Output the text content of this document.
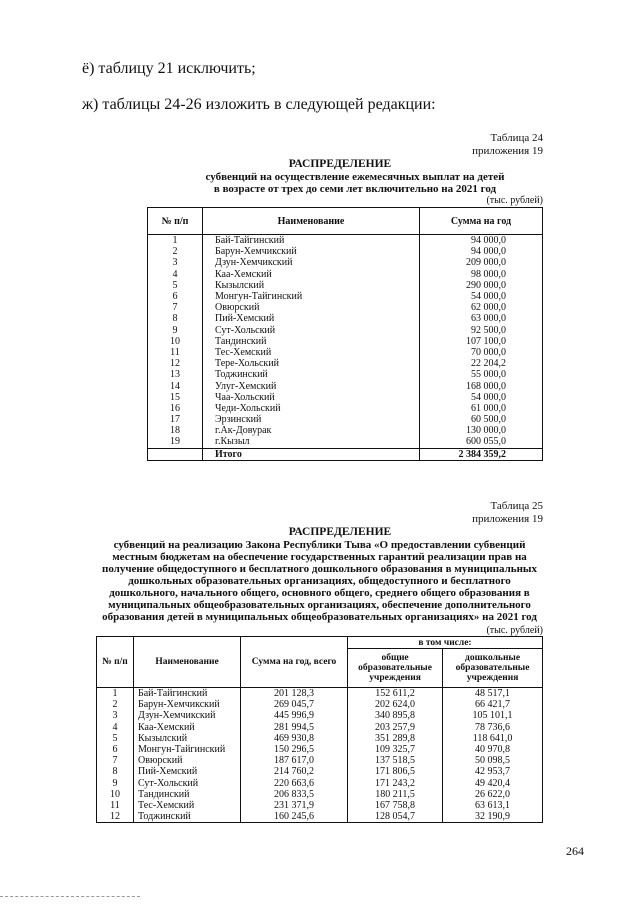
ё) таблицу 21 исключить;
ж) таблицы 24-26 изложить в следующей редакции:
Таблица 24
приложения 19
РАСПРЕДЕЛЕНИЕ
субвенций на осуществление ежемесячных выплат на детей в возрасте от трех до семи лет включительно на 2021 год
(тыс. рублей)
№ п/п	Наименование	Сумма на год
1	Бай-Тайгинский	94 000,0
2	Барун-Хемчикский	94 000,0
3	Дзун-Хемчикский	209 000,0
4	Каа-Хемский	98 000,0
5	Кызылский	290 000,0
6	Монгун-Тайгинский	54 000,0
7	Овюрский	62 000,0
8	Пий-Хемский	63 000,0
9	Сут-Хольский	92 500,0
10	Тандинский	107 100,0
11	Тес-Хемский	70 000,0
12	Тере-Хольский	22 204,2
13	Тоджинский	55 000,0
14	Улуг-Хемский	168 000,0
15	Чаа-Хольский	54 000,0
16	Чеди-Хольский	61 000,0
17	Эрзинский	60 500,0
18	г.Ак-Довурак	130 000,0
19	г.Кызыл	600 055,0
	Итого	2 384 359,2
Таблица 25
приложения 19
РАСПРЕДЕЛЕНИЕ
субвенций на реализацию Закона Республики Тыва «О предоставлении субвенций местным бюджетам на обеспечение государственных гарантий реализации прав на получение общедоступного и бесплатного дошкольного образования в муниципальных дошкольных образовательных организациях, общедоступного и бесплатного дошкольного, начального общего, основного общего, среднего общего образования в муниципальных общеобразовательных организациях, обеспечение дополнительного образования детей в муниципальных общеобразовательных организациях» на 2021 год
(тыс. рублей)
№ п/п	Наименование	Сумма на год, всего	в том числе:	
			общие образовательные учреждения	дошкольные образовательные учреждения
1	Бай-Тайгинский	201 128,3	152 611,2	48 517,1
2	Барун-Хемчикский	269 045,7	202 624,0	66 421,7
3	Дзун-Хемчикский	445 996,9	340 895,8	105 101,1
4	Каа-Хемский	281 994,5	203 257,9	78 736,6
5	Кызылский	469 930,8	351 289,8	118 641,0
6	Монгун-Тайгинский	150 296,5	109 325,7	40 970,8
7	Овюрский	187 617,0	137 518,5	50 098,5
8	Пий-Хемский	214 760,2	171 806,5	42 953,7
9	Сут-Хольский	220 663,6	171 243,2	49 420,4
10	Тандинский	206 833,5	180 211,5	26 622,0
11	Тес-Хемский	231 371,9	167 758,8	63 613,1
12	Тоджинский	160 245,6	128 054,7	32 190,9
264
